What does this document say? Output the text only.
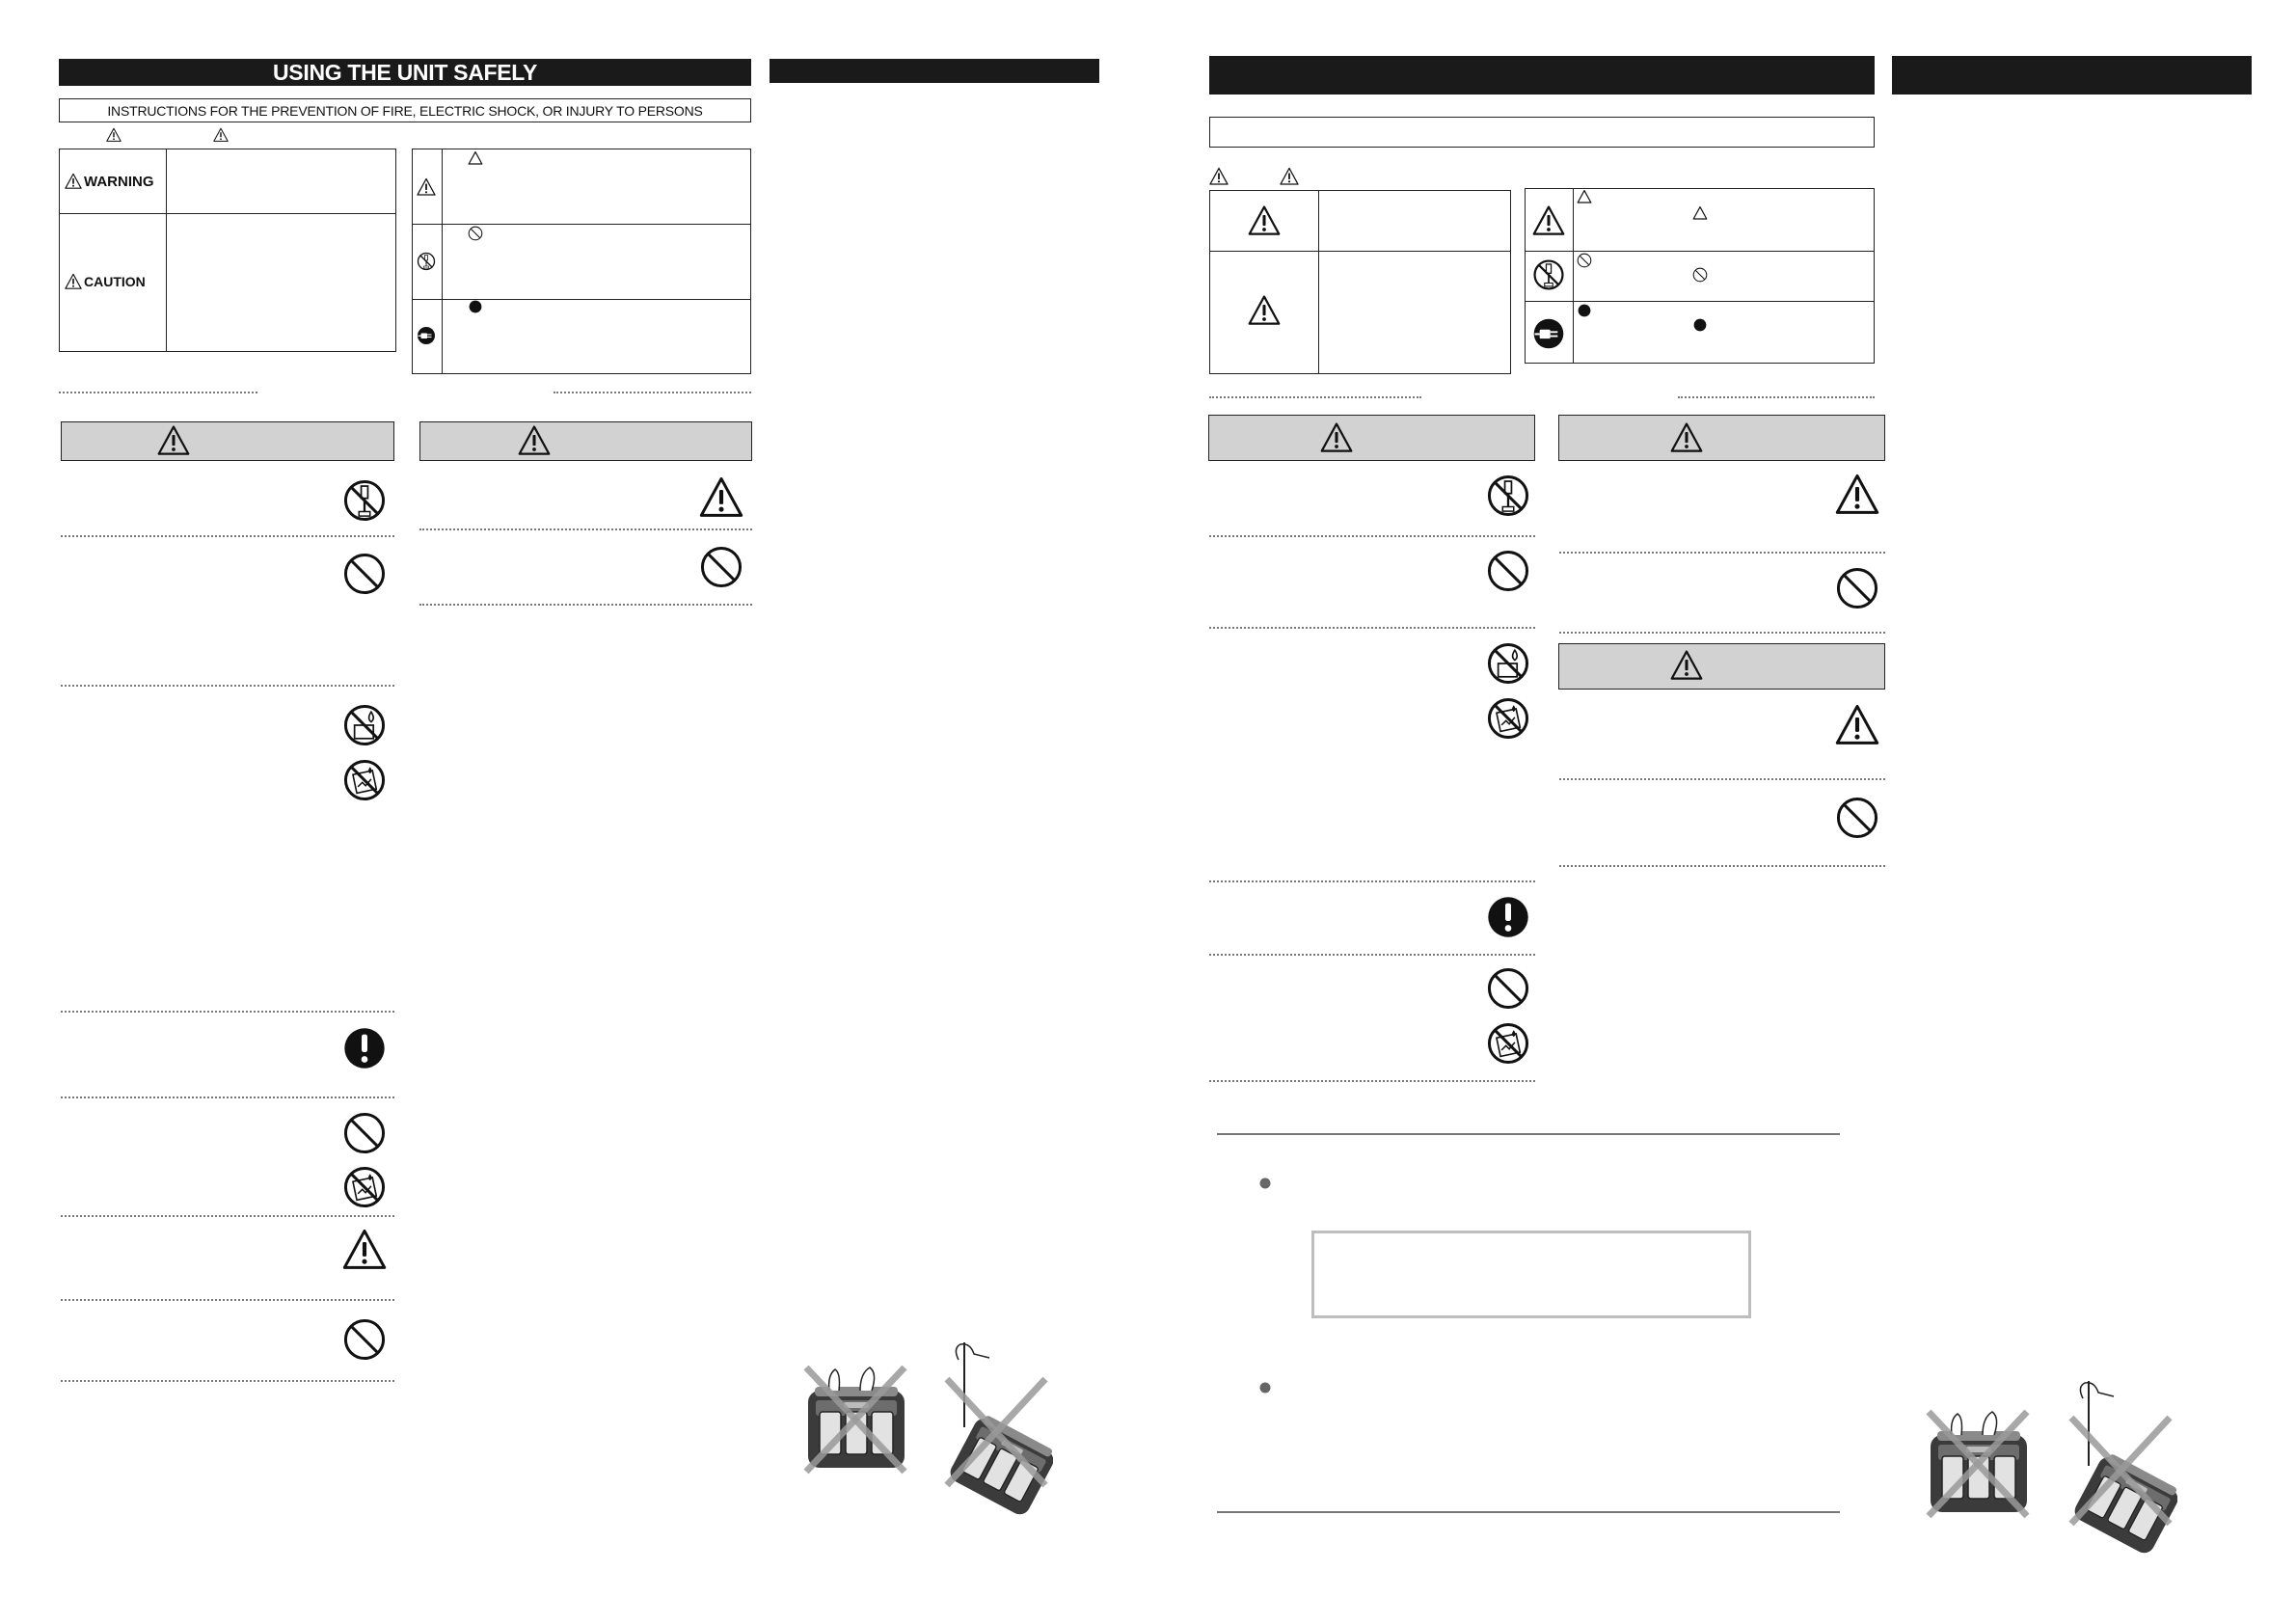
USING THE UNIT SAFELY
INSTRUCTIONS FOR THE PREVENTION OF FIRE, ELECTRIC SHOCK, OR INJURY TO PERSONS
WARNING
CAUTION
